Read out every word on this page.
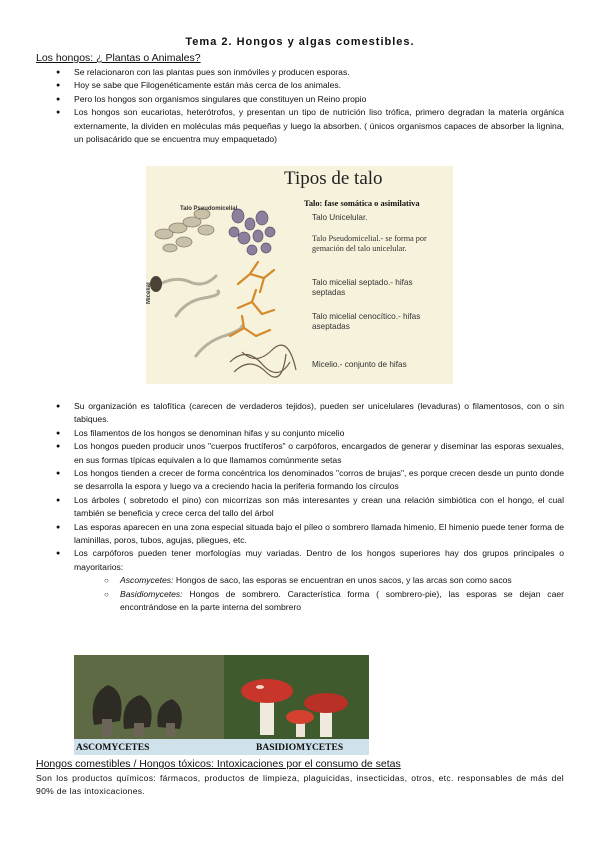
Tema 2. Hongos y algas comestibles.
Los hongos: ¿ Plantas o Animales?
● Se relacionaron con las plantas pues son inmóviles y producen esporas.
● Hoy se sabe que Filogenéticamente están más cerca de los animales.
● Pero los hongos son organismos singulares que constituyen un Reino propio
● Los hongos son eucariotas, heterótrofos, y presentan un tipo de nutrición liso trófica, primero degradan la materia orgánica externamente, la dividen en moléculas más pequeñas y luego la absorben. ( únicos organismos capaces de absorber la lignina, un polisacárido que se encuentra muy empaquetado)
Tipos de talo
Talo: fase somática o asimilativa
Talo Pseudomicelial
Micelial
Talo Unicelular.
Talo Pseudomicelial.- se forma por gemación del talo unicelular.
Talo micelial septado.- hifas septadas
Talo micelial cenocítico.- hifas aseptadas
Micelio.- conjunto de hifas
● Su organización es talofítica (carecen de verdaderos tejidos), pueden ser unicelulares (levaduras) o filamentosos, con o sin tabiques.
● Los filamentos de los hongos se denominan hifas y su conjunto micelio
● Los hongos pueden producir unos "cuerpos fructíferos" o carpóforos, encargados de generar y diseminar las esporas sexuales, en sus formas típicas equivalen a lo que llamamos comúnmente setas
● Los hongos tienden a crecer de forma concéntrica los denominados "corros de brujas", es porque crecen desde un punto donde se desarrolla la espora y luego va a creciendo hacia la periferia formando los círculos
● Los árboles ( sobretodo el pino) con micorrizas son más interesantes y crean una relación simbiótica con el hongo, el cual también se beneficia y crece cerca del tallo del árbol
● Las esporas aparecen en una zona especial situada bajo el píleo o sombrero llamada himenio. El himenio puede tener forma de laminillas, poros, tubos, agujas, pliegues, etc.
● Los carpóforos pueden tener morfologías muy variadas. Dentro de los hongos superiores hay dos grupos principales o mayoritarios:
○ Ascomycetes: Hongos de saco, las esporas se encuentran en unos sacos, y las arcas son como sacos
○ Basidiomycetes: Hongos de sombrero. Característica forma ( sombrero-pie), las esporas se dejan caer encontrándose en la parte interna del sombrero
ASCOMYCETES	BASIDIOMYCETES
Hongos comestibles / Hongos tóxicos: Intoxicaciones por el consumo de setas
Son los productos químicos: fármacos, productos de limpieza, plaguicidas, insecticidas, otros, etc. responsables de más del 90% de las intoxicaciones.
